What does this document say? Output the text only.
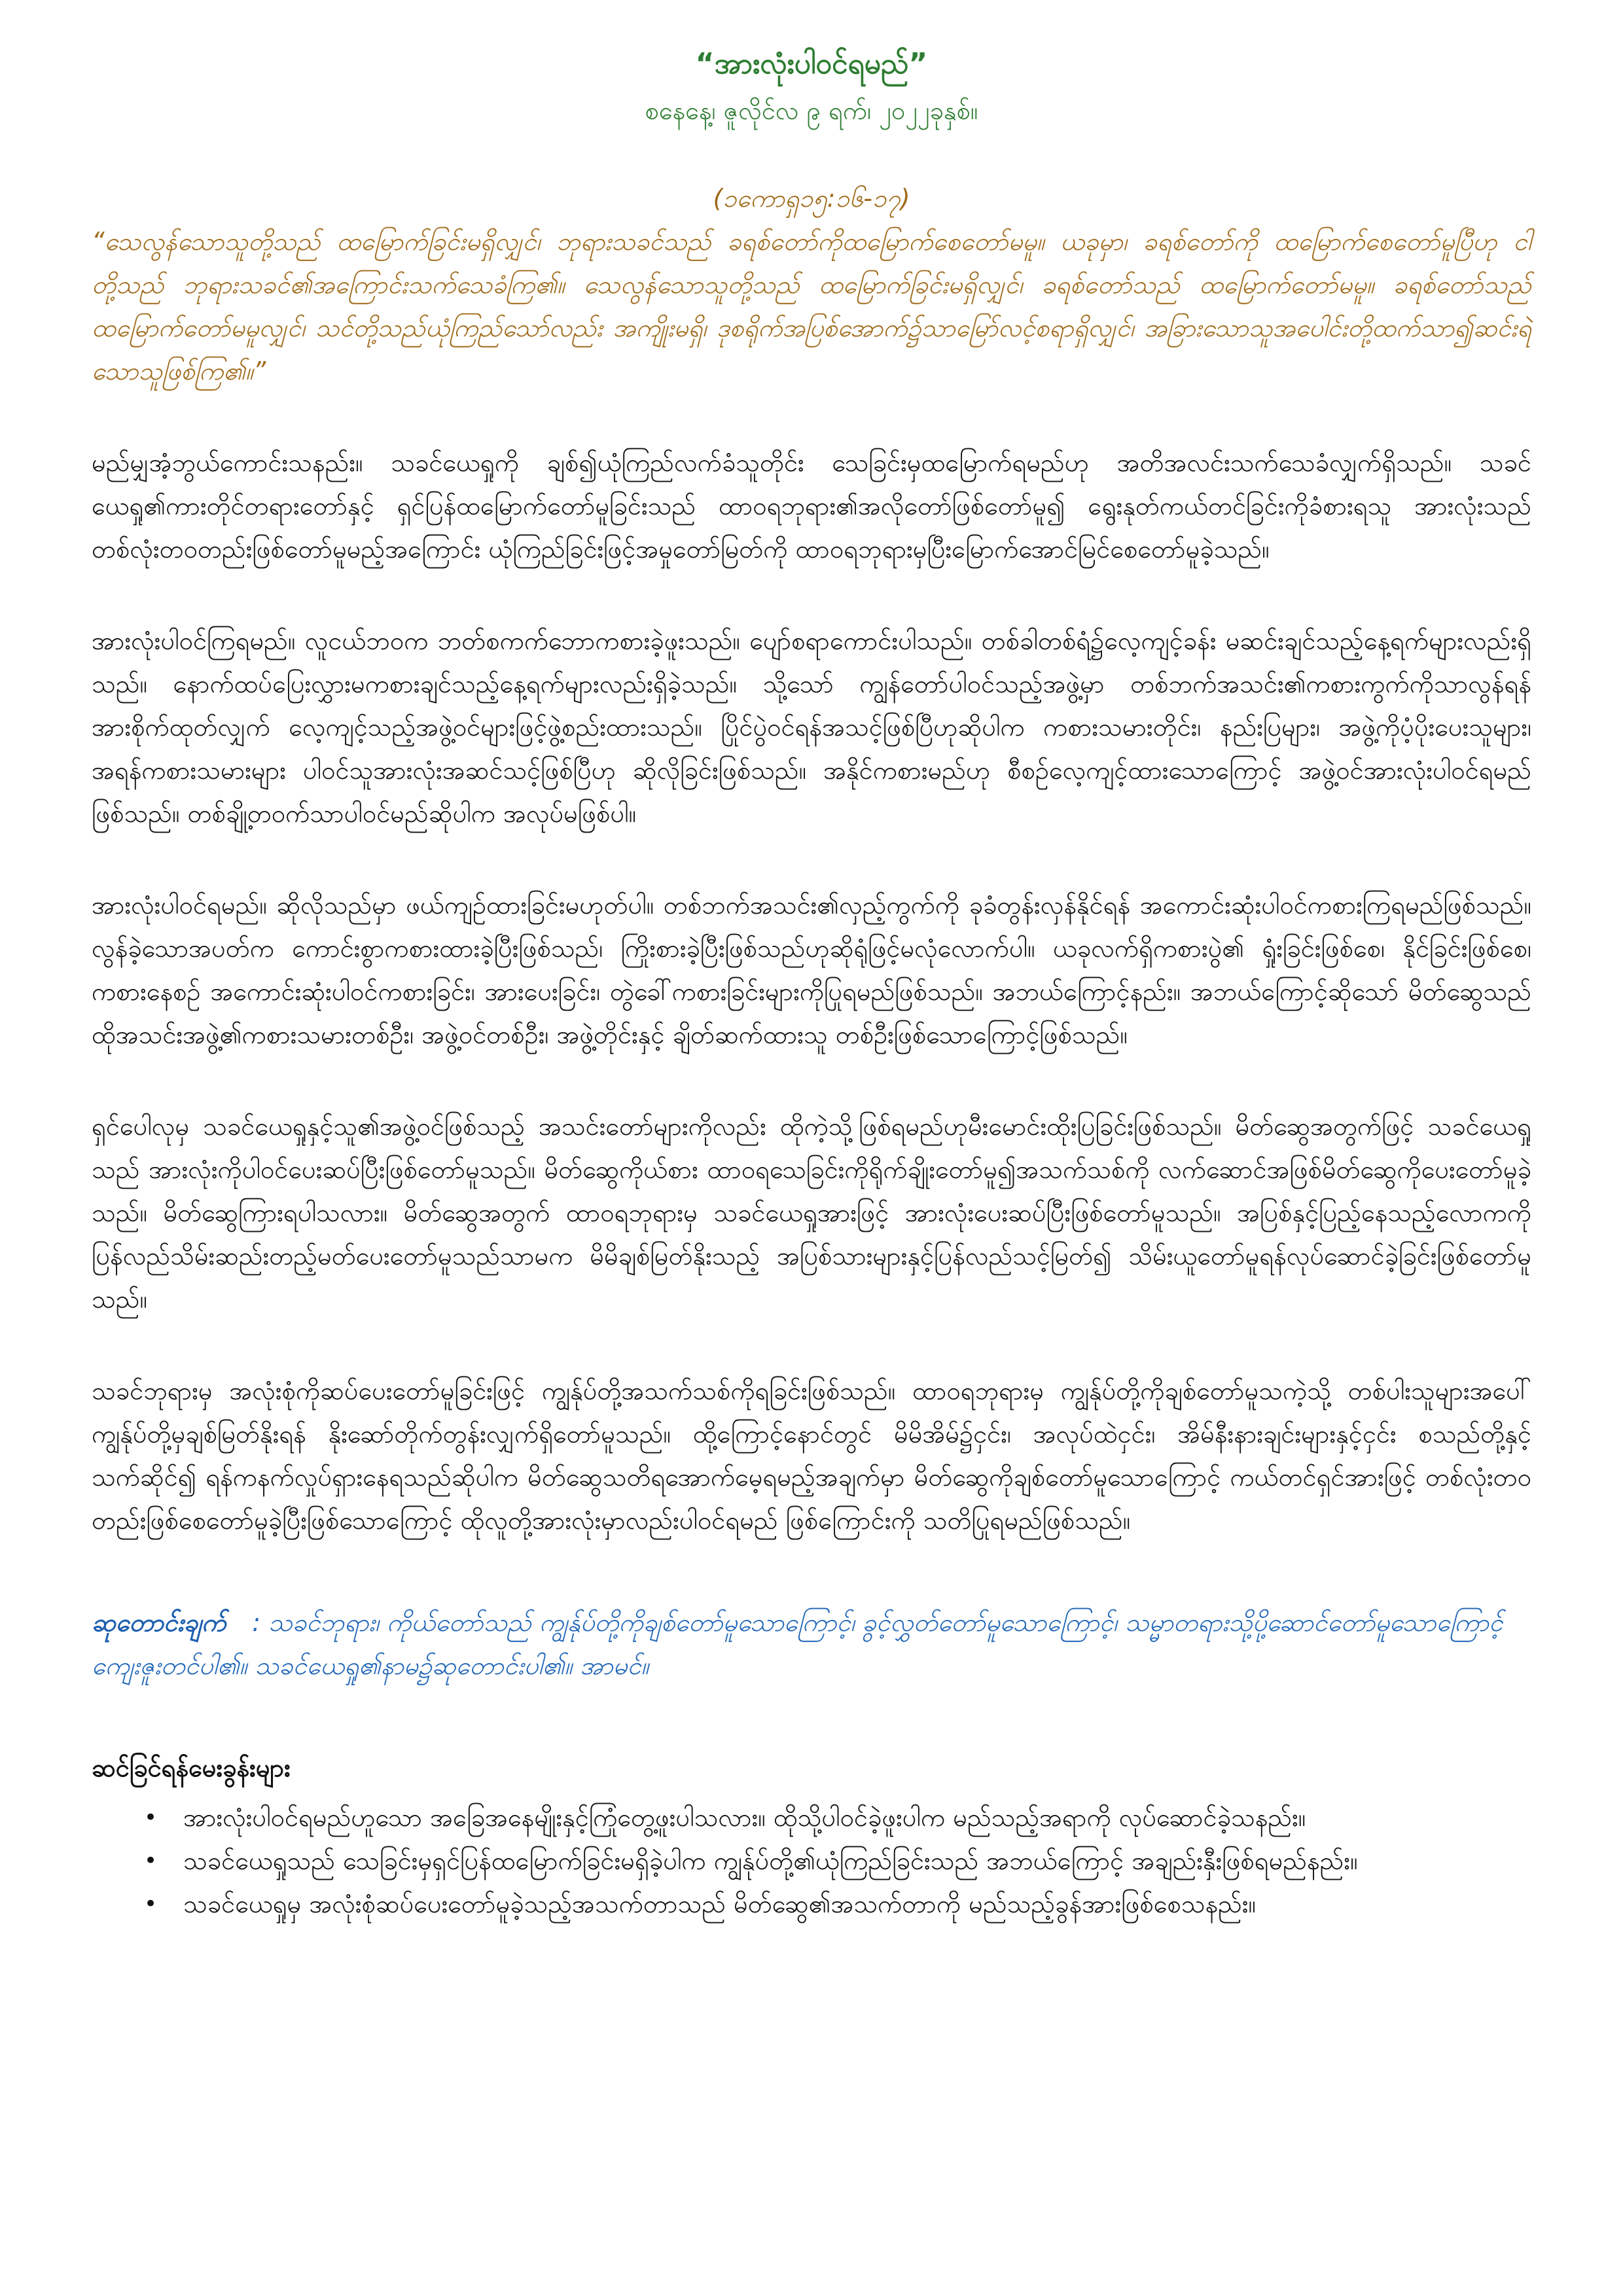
“အားလုံးပါဝင်ရမည်”

စနေနေ့၊ ဇူလိုင်လ ၉ ရက်၊ ၂၀၂၂ခုနှစ်။

(၁ကောရှ၁၅:၁၆-၁၇)

“သေလွန်သောသူတို့သည် ထမြောက်ခြင်းမရှိလျှင်၊ ဘုရားသခင်သည် ခရစ်တော်ကိုထမြောက်စေတော်မမူ။ ယခုမှာ၊ ခရစ်တော်ကို ထမြောက်စေတော်မူပြီဟု ငါတို့သည် ဘုရားသခင်၏အကြောင်းသက်သေခံကြ၏။ သေလွန်သောသူတို့သည် ထမြောက်ခြင်းမရှိလျှင်၊ ခရစ်တော်သည် ထမြောက်တော်မမူ။ ခရစ်တော်သည် ထမြောက်တော်မမူလျှင်၊ သင်တို့သည်ယုံကြည်သော်လည်း အကျိုးမရှိ၊ ဒုစရိုက်အပြစ်အောက်၌သာမြော်လင့်စရာရှိလျှင်၊ အခြားသောသူအပေါင်းတို့ထက်သာ၍ဆင်းရဲသောသူဖြစ်ကြ၏။”

မည်မျှအံ့ဘွယ်ကောင်းသနည်း။ သခင်ယေရှုကို ချစ်၍ယုံကြည်လက်ခံသူတိုင်း သေခြင်းမှထမြောက်ရမည်ဟု အတိအလင်းသက်သေခံလျှက်ရှိသည်။ သခင်ယေရှု၏ကားတိုင်တရားတော်နှင့် ရှင်ပြန်ထမြောက်တော်မူခြင်းသည် ထာဝရဘုရား၏အလိုတော်ဖြစ်တော်မူ၍ ရွေးနုတ်ကယ်တင်ခြင်းကိုခံစားရသူ အားလုံးသည် တစ်လုံးတဝတည်းဖြစ်တော်မူမည့်အကြောင်း ယုံကြည်ခြင်းဖြင့်အမှုတော်မြတ်ကို ထာဝရဘုရားမှပြီးမြောက်အောင်မြင်စေတော်မူခဲ့သည်။

အားလုံးပါဝင်ကြရမည်။ လူငယ်ဘဝက ဘတ်စကက်ဘောကစားခဲ့ဖူးသည်။ ပျော်စရာကောင်းပါသည်။ တစ်ခါတစ်ရံ၌လေ့ကျင့်ခန်း မဆင်းချင်သည့်နေ့ရက်များလည်းရှိသည်။ နောက်ထပ်ပြေးလွှားမကစားချင်သည့်နေ့ရက်များလည်းရှိခဲ့သည်။ သို့သော် ကျွန်တော်ပါဝင်သည့်အဖွဲ့မှာ တစ်ဘက်အသင်း၏ကစားကွက်ကိုသာလွန်ရန် အားစိုက်ထုတ်လျှက် လေ့ကျင့်သည့်အဖွဲ့ဝင်များဖြင့်ဖွဲ့စည်းထားသည်။ ပြိုင်ပွဲဝင်ရန်အသင့်ဖြစ်ပြီဟုဆိုပါက ကစားသမားတိုင်း၊ နည်းပြများ၊ အဖွဲ့ကိုပံ့ပိုးပေးသူများ၊ အရန်ကစားသမားများ ပါဝင်သူအားလုံးအဆင်သင့်ဖြစ်ပြီဟု ဆိုလိုခြင်းဖြစ်သည်။ အနိုင်ကစားမည်ဟု စီစဉ်လေ့ကျင့်ထားသောကြောင့် အဖွဲ့ဝင်အားလုံးပါဝင်ရမည်ဖြစ်သည်။ တစ်ချို့တဝက်သာပါဝင်မည်ဆိုပါက အလုပ်မဖြစ်ပါ။

အားလုံးပါဝင်ရမည်။ ဆိုလိုသည်မှာ ဖယ်ကျဉ်ထားခြင်းမဟုတ်ပါ။ တစ်ဘက်အသင်း၏လှည့်ကွက်ကို ခုခံတွန်းလှန်နိုင်ရန် အကောင်းဆုံးပါဝင်ကစားကြရမည်ဖြစ်သည်။ လွန်ခဲ့သောအပတ်က ကောင်းစွာကစားထားခဲ့ပြီးဖြစ်သည်၊ ကြိုးစားခဲ့ပြီးဖြစ်သည်ဟုဆိုရုံဖြင့်မလုံလောက်ပါ။ ယခုလက်ရှိကစားပွဲ၏ ရှုံးခြင်းဖြစ်စေ၊ နိုင်ခြင်းဖြစ်စေ၊ ကစားနေစဉ် အကောင်းဆုံးပါဝင်ကစားခြင်း၊ အားပေးခြင်း၊ တွဲခေါ်ကစားခြင်းများကိုပြုရမည်ဖြစ်သည်။ အဘယ်ကြောင့်နည်း။ အဘယ်ကြောင့်ဆိုသော် မိတ်ဆွေသည် ထိုအသင်းအဖွဲ့၏ကစားသမားတစ်ဦး၊ အဖွဲ့ဝင်တစ်ဦး၊ အဖွဲ့တိုင်းနှင့် ချိတ်ဆက်ထားသူ တစ်ဦးဖြစ်သောကြောင့်ဖြစ်သည်။

ရှင်ပေါလုမှ သခင်ယေရှုနှင့်သူ၏အဖွဲ့ဝင်ဖြစ်သည့် အသင်းတော်များကိုလည်း ထိုကဲ့သို့ဖြစ်ရမည်ဟုမီးမောင်းထိုးပြခြင်းဖြစ်သည်။ မိတ်ဆွေအတွက်ဖြင့် သခင်ယေရှုသည် အားလုံးကိုပါဝင်ပေးဆပ်ပြီးဖြစ်တော်မူသည်။ မိတ်ဆွေကိုယ်စား ထာဝရသေခြင်းကိုရိုက်ချိုးတော်မူ၍အသက်သစ်ကို လက်ဆောင်အဖြစ်မိတ်ဆွေကိုပေးတော်မူခဲ့သည်။ မိတ်ဆွေကြားရပါသလား။ မိတ်ဆွေအတွက် ထာဝရဘုရားမှ သခင်ယေရှုအားဖြင့် အားလုံးပေးဆပ်ပြီးဖြစ်တော်မူသည်။ အပြစ်နှင့်ပြည့်နေသည့်လောကကို ပြန်လည်သိမ်းဆည်းတည့်မတ်ပေးတော်မူသည်သာမက မိမိချစ်မြတ်နိုးသည့် အပြစ်သားများနှင့်ပြန်လည်သင့်မြတ်၍ သိမ်းယူတော်မူရန်လုပ်ဆောင်ခဲ့ခြင်းဖြစ်တော်မူသည်။

သခင်ဘုရားမှ အလုံးစုံကိုဆပ်ပေးတော်မူခြင်းဖြင့် ကျွန်ုပ်တို့အသက်သစ်ကိုရခြင်းဖြစ်သည်။ ထာဝရဘုရားမှ ကျွန်ုပ်တို့ကိုချစ်တော်မူသကဲ့သို့ တစ်ပါးသူများအပေါ် ကျွန်ုပ်တို့မှချစ်မြတ်နိုးရန် နိုးဆော်တိုက်တွန်းလျှက်ရှိတော်မူသည်။ ထို့ကြောင့်နောင်တွင် မိမိအိမ်၌ငှင်း၊ အလုပ်ထဲငှင်း၊ အိမ်နီးနားချင်းများနှင့်ငှင်း စသည်တို့နှင့်သက်ဆိုင်၍ ရန်ကနက်လှုပ်ရှားနေရသည်ဆိုပါက မိတ်ဆွေသတိရအောက်မေ့ရမည့်အချက်မှာ မိတ်ဆွေကိုချစ်တော်မူသောကြောင့် ကယ်တင်ရှင်အားဖြင့် တစ်လုံးတဝတည်းဖြစ်စေတော်မူခဲ့ပြီးဖြစ်သောကြောင့် ထိုလူတို့အားလုံးမှာလည်းပါဝင်ရမည် ဖြစ်ကြောင်းကို သတိပြုရမည်ဖြစ်သည်။

ဆုတောင်းချက် : သခင်ဘုရား၊ ကိုယ်တော်သည် ကျွန်ုပ်တို့ကိုချစ်တော်မူသောကြောင့်၊ ခွင့်လွှတ်တော်မူသောကြောင့်၊ သမ္မာတရားသို့ပို့ဆောင်တော်မူသောကြောင့် ကျေးဇူးတင်ပါ၏။ သခင်ယေရှု၏နာမ၌ဆုတောင်းပါ၏။ အာမင်။

ဆင်ခြင်ရန်မေးခွန်းများ

• အားလုံးပါဝင်ရမည်ဟူသော အခြေအနေမျိုးနှင့်ကြုံတွေ့ဖူးပါသလား။ ထိုသို့ပါဝင်ခဲ့ဖူးပါက မည်သည့်အရာကို လုပ်ဆောင်ခဲ့သနည်း။
• သခင်ယေရှုသည် သေခြင်းမှရှင်ပြန်ထမြောက်ခြင်းမရှိခဲ့ပါက ကျွန်ုပ်တို့၏ယုံကြည်ခြင်းသည် အဘယ်ကြောင့် အချည်းနှီးဖြစ်ရမည်နည်း။
• သခင်ယေရှုမှ အလုံးစုံဆပ်ပေးတော်မူခဲ့သည့်အသက်တာသည် မိတ်ဆွေ၏အသက်တာကို မည်သည့်ခွန်အားဖြစ်စေသနည်း။
